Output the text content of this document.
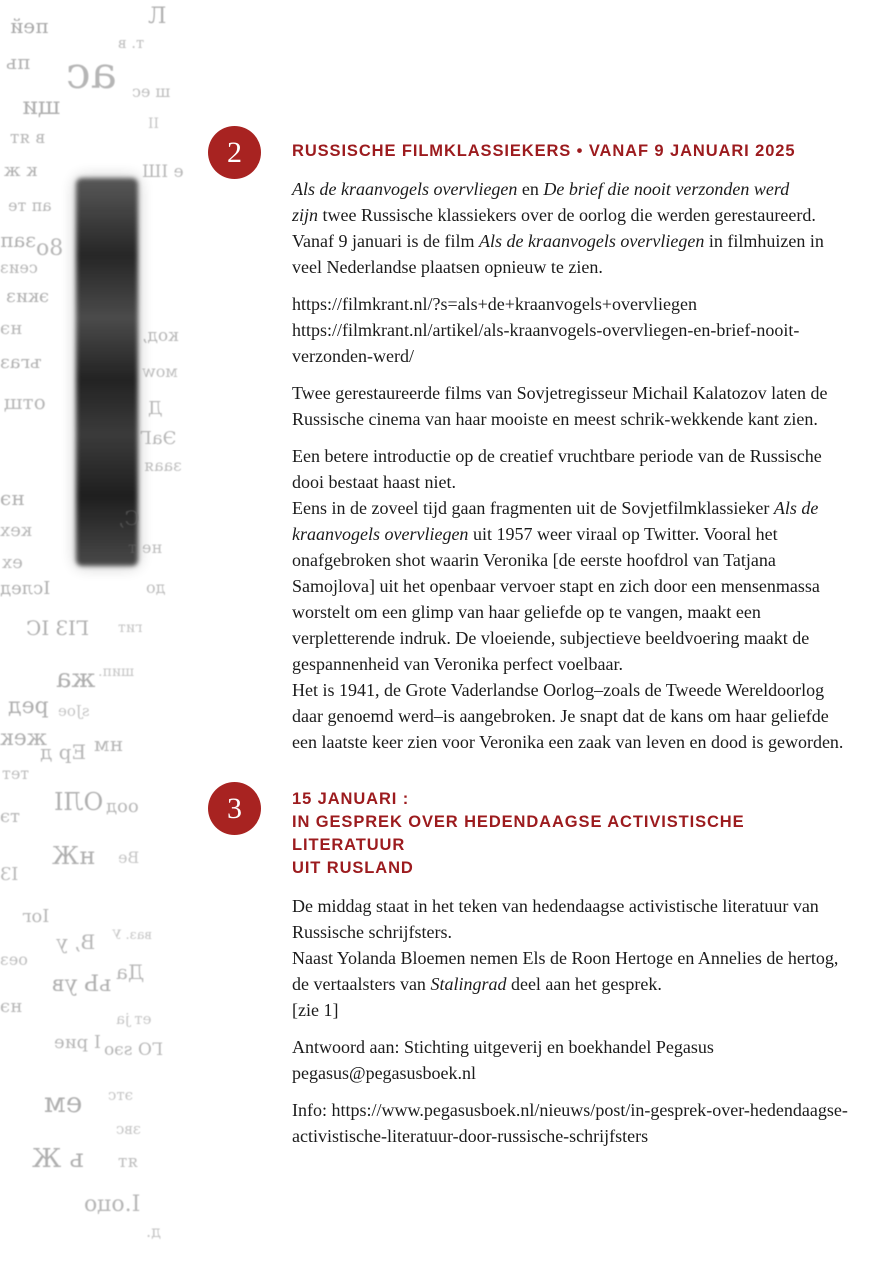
Л
пей
т. в
ас
пь
ш ес
щи
в ят
ІІ
к ж	е ІШ
ап те
зап 8о
сеиз
экиз
нэ	код,
ъгаз	моw
отщ	Д
ЭаГ
заая
нэ
С,
кех
не т
ех
Іслед	до
ГІЗ ІС гит
жа шип.
ред ѕЈое
жек
Ер д нм
тет
ОЛІ оод
тэ
нЖ Ве
ІЗ
Іог
В, у ваз. У
оез
Да
ьЬ ув
нэ
ет ја
І рие ГО ѕэо
ем этс
звс
ь Ж ят
І.оцо
д.
2	RUSSISCHE FILMKLASSIEKERS • VANAF 9 JANUARI 2025

Als de kraanvogels overvliegen en De brief die nooit verzonden werd
zijn twee Russische klassiekers over de oorlog die werden gerestaureerd. Vanaf 9 januari is de film Als de kraanvogels overvliegen in filmhuizen in veel Nederlandse plaatsen opnieuw te zien.

https://filmkrant.nl/?s=als+de+kraanvogels+overvliegen
https://filmkrant.nl/artikel/als-kraanvogels-overvliegen-en-brief-nooit-verzonden-werd/

Twee gerestaureerde films van Sovjetregisseur Michail Kalatozov laten de Russische cinema van haar mooiste en meest schrik-wekkende kant zien.

Een betere introductie op de creatief vruchtbare periode van de Russische dooi bestaat haast niet.
Eens in de zoveel tijd gaan fragmenten uit de Sovjetfilmklassieker Als de kraanvogels overvliegen uit 1957 weer viraal op Twitter. Vooral het onafgebroken shot waarin Veronika [de eerste hoofdrol van Tatjana Samojlova] uit het openbaar vervoer stapt en zich door een mensenmassa worstelt om een glimp van haar geliefde op te vangen, maakt een verpletterende indruk. De vloeiende, subjectieve beeldvoering maakt de gespannenheid van Veronika perfect voelbaar.
Het is 1941, de Grote Vaderlandse Oorlog–zoals de Tweede Wereldoorlog daar genoemd werd–is aangebroken. Je snapt dat de kans om haar geliefde een laatste keer zien voor Veronika een zaak van leven en dood is geworden.

3	15 JANUARI :
IN GESPREK OVER HEDENDAAGSE ACTIVISTISCHE LITERATUUR
UIT RUSLAND

De middag staat in het teken van hedendaagse activistische literatuur van Russische schrijfsters.
Naast Yolanda Bloemen nemen Els de Roon Hertoge en Annelies de hertog, de vertaalsters van Stalingrad deel aan het gesprek.
[zie 1]

Antwoord aan: Stichting uitgeverij en boekhandel Pegasus
pegasus@pegasusboek.nl

Info: https://www.pegasusboek.nl/nieuws/post/in-gesprek-over-hedendaagse-activistische-literatuur-door-russische-schrijfsters
